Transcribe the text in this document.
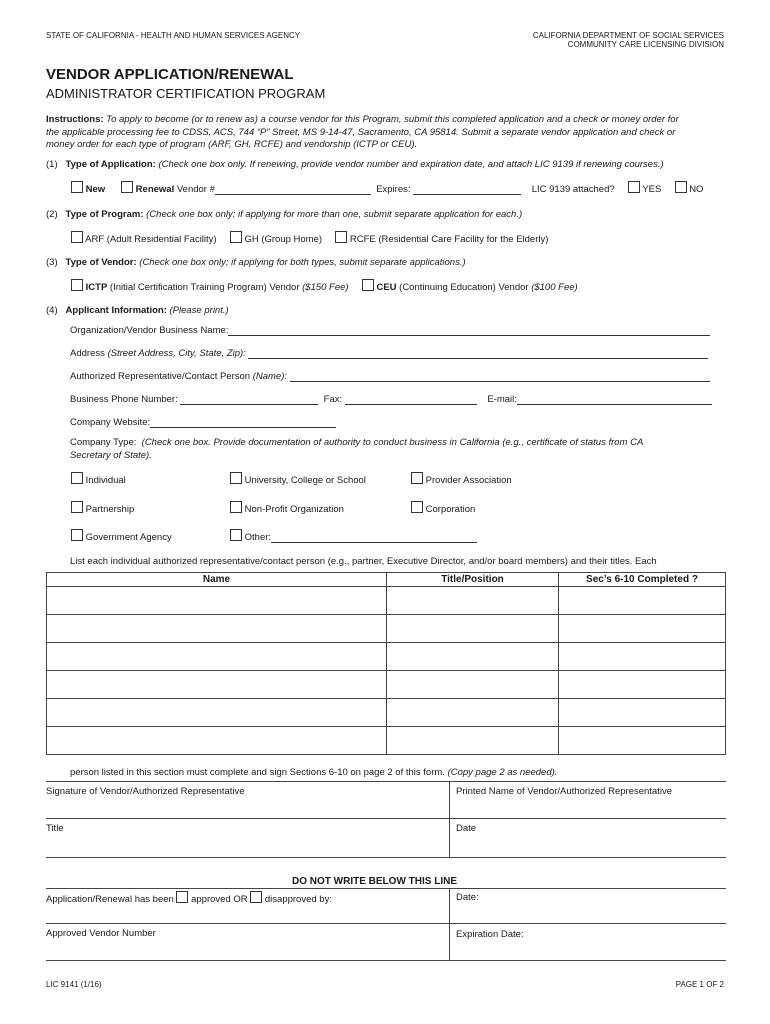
STATE OF CALIFORNIA - HEALTH AND HUMAN SERVICES AGENCY	CALIFORNIA DEPARTMENT OF SOCIAL SERVICES
COMMUNITY CARE LICENSING DIVISION
VENDOR APPLICATION/RENEWAL
ADMINISTRATOR CERTIFICATION PROGRAM
Instructions: To apply to become (or to renew as) a course vendor for this Program, submit this completed application and a check or money order for
the applicable processing fee to CDSS, ACS, 744 “P” Street, MS 9-14-47, Sacramento, CA 95814. Submit a separate vendor application and check or
money order for each type of program (ARF, GH, RCFE) and vendorship (ICTP or CEU).
(1) Type of Application: (Check one box only. If renewing, provide vendor number and expiration date, and attach LIC 9139 if renewing courses.)
New	Renewal Vendor #	Expires:	LIC 9139 attached?	YES	NO
(2) Type of Program: (Check one box only; if applying for more than one, submit separate application for each.)
ARF (Adult Residential Facility)	GH (Group Home)	RCFE (Residential Care Facility for the Elderly)
(3) Type of Vendor: (Check one box only; if applying for both types, submit separate applications.)
ICTP (Initial Certification Training Program) Vendor ($150 Fee)	CEU (Continuing Education) Vendor ($100 Fee)
(4) Applicant Information: (Please print.)
Organization/Vendor Business Name:
Address (Street Address, City, State, Zip):
Authorized Representative/Contact Person (Name):
Business Phone Number:	Fax:	E-mail:
Company Website:
Company Type: (Check one box. Provide documentation of authority to conduct business in California (e.g., certificate of status from CA
Secretary of State).
Individual	University, College or School	Provider Association
Partnership	Non-Profit Organization	Corporation
Government Agency	Other:
List each individual authorized representative/contact person (e.g., partner, Executive Director, and/or board members) and their titles. Each
Name	Title/Position	Sec’s 6-10 Completed ?

person listed in this section must complete and sign Sections 6-10 on page 2 of this form. (Copy page 2 as needed).
Signature of Vendor/Authorized Representative	Printed Name of Vendor/Authorized Representative
Title	Date
DO NOT WRITE BELOW THIS LINE
Application/Renewal has been approved OR disapproved by:	Date:
Approved Vendor Number	Expiration Date:
LIC 9141 (1/16)	PAGE 1 OF 2
